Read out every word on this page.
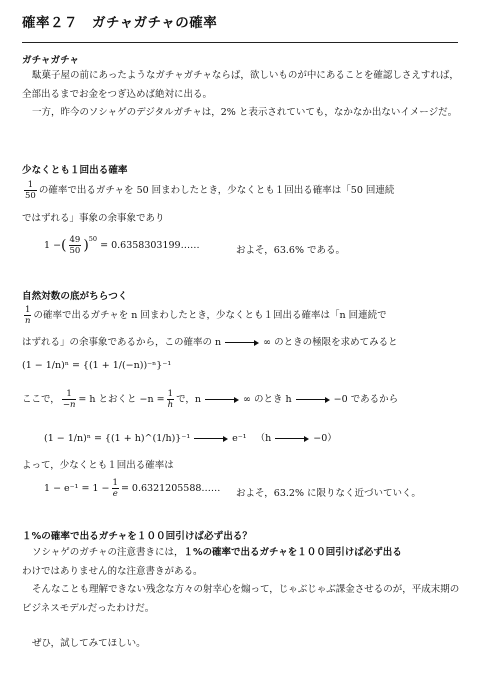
確率２７　ガチャガチャの確率
ガチャガチャ
駄菓子屋の前にあったようなガチャガチャならば，欲しいものが中にあることを確認しさえすれば，全部出るまでお金をつぎ込めば絶対に出る。
一方，昨今のソシャゲのデジタルガチャは，2% と表示されていても，なかなか出ないイメージだ。
少なくとも１回出る確率
$\frac{1}{50}$ の確率で出るガチャを 50 回まわしたとき，少なくとも１回出る確率は「50 回連続
ではずれる」事象の余事象であり
1 −( $\frac{49}{50} )^{50}$ = 0.6358303199……	およそ，63.6% である。
自然対数の底がちらつく
$\frac{1}{n}$ の確率で出るガチャを n 回まわしたとき，少なくとも１回出る確率は「n 回連続で
はずれる」の余事象であるから，この確率の n	∞ のときの極限を求めてみると
(1 − 1/n)ⁿ = {(1 + 1/(−n))⁻ⁿ}⁻¹
ここで， $\frac{1}{-n} = h$ とおくと $-n = \frac{1}{h}$ で，n	∞ のとき h	−0 であるから
(1 − 1/n)ⁿ = {(1 + h)^(1/h)}⁻¹	e⁻¹ （h	−0）
よって，少なくとも１回出る確率は
$1 - e^{-1} = 1 - \frac{1}{e}$ = 0.6321205588…… およそ，63.2% に限りなく近づいていく。
１%の確率で出るガチャを１００回引けば必ず出る？
ソシャゲのガチャの注意書きには，１%の確率で出るガチャを１００回引けば必ず出る
わけではありません的な注意書きがある。
そんなことも理解できない残念な方々の射幸心を煽って，じゃぶじゃぶ課金させるのが，平成末期のビジネスモデルだったわけだ。
ぜひ，試してみてほしい。
